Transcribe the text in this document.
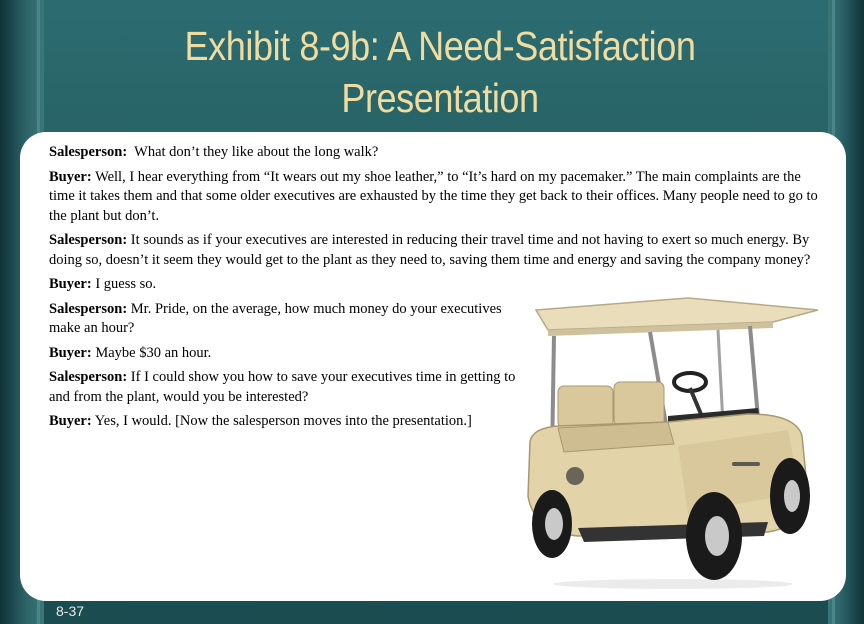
Exhibit 8-9b: A Need-Satisfaction Presentation

Salesperson: What don’t they like about the long walk?

Buyer: Well, I hear everything from “It wears out my shoe leather,” to “It’s hard on my pacemaker.” The main complaints are the time it takes them and that some older executives are exhausted by the time they get back to their offices. Many people need to go to the plant but don’t.

Salesperson: It sounds as if your executives are interested in reducing their travel time and not having to exert so much energy. By doing so, doesn’t it seem they would get to the plant as they need to, saving them time and energy and saving the company money?

Buyer: I guess so.

Salesperson: Mr. Pride, on the average, how much money do your executives make an hour?

Buyer: Maybe $30 an hour.

Salesperson: If I could show you how to save your executives time in getting to and from the plant, would you be interested?

Buyer: Yes, I would. [Now the salesperson moves into the presentation.]

8-37
